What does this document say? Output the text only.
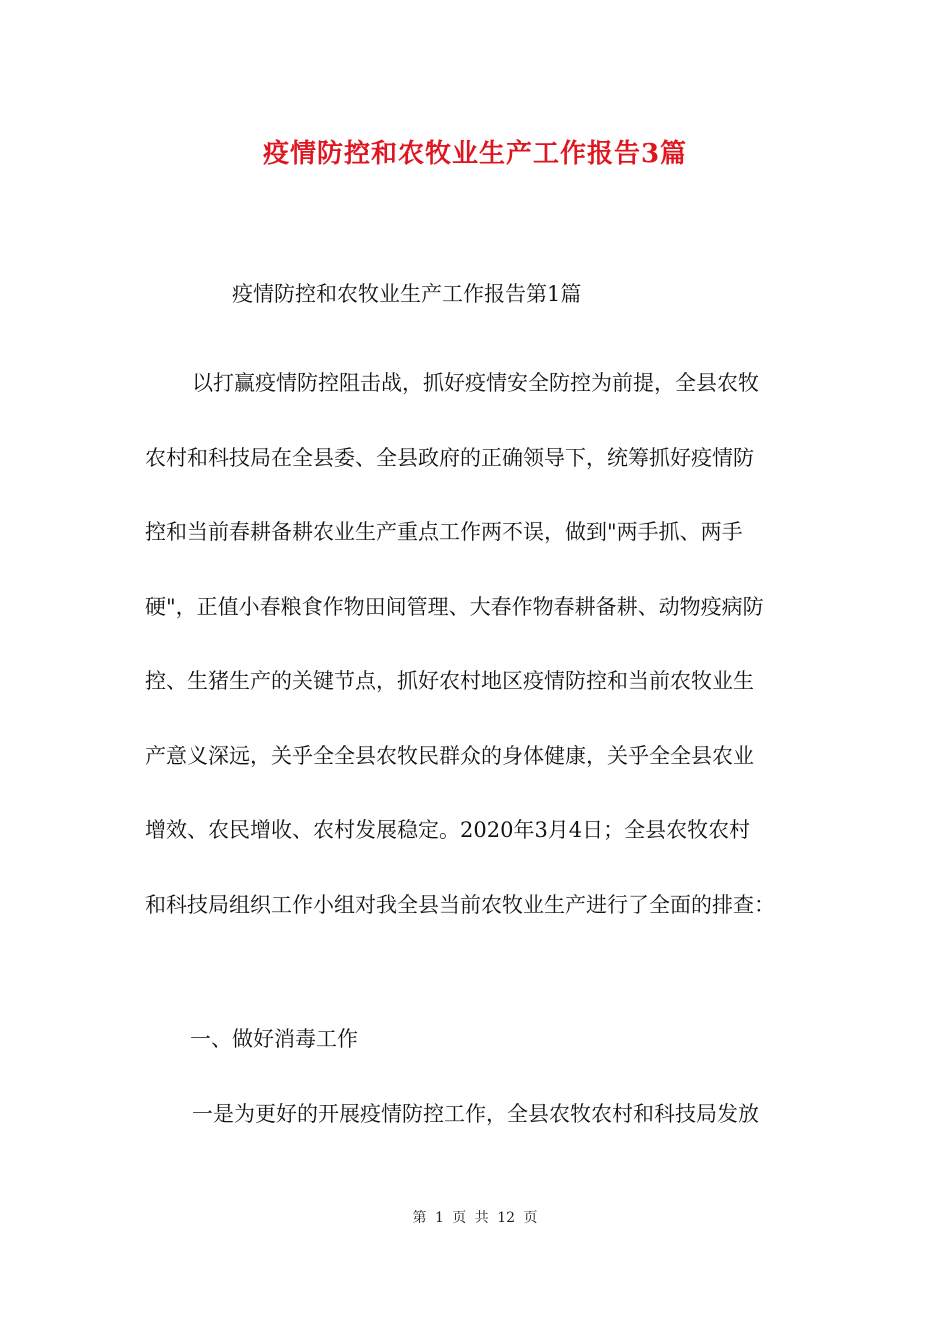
疫情防控和农牧业生产工作报告3篇
疫情防控和农牧业生产工作报告第1篇
以打赢疫情防控阻击战，抓好疫情安全防控为前提，全县农牧
农村和科技局在全县委、全县政府的正确领导下，统筹抓好疫情防
控和当前春耕备耕农业生产重点工作两不误，做到"两手抓、两手
硬"，正值小春粮食作物田间管理、大春作物春耕备耕、动物疫病防
控、生猪生产的关键节点，抓好农村地区疫情防控和当前农牧业生
产意义深远，关乎全全县农牧民群众的身体健康，关乎全全县农业
增效、农民增收、农村发展稳定。2020年3月4日；全县农牧农村
和科技局组织工作小组对我全县当前农牧业生产进行了全面的排查：
一、做好消毒工作
一是为更好的开展疫情防控工作，全县农牧农村和科技局发放
第 1 页 共 12 页
